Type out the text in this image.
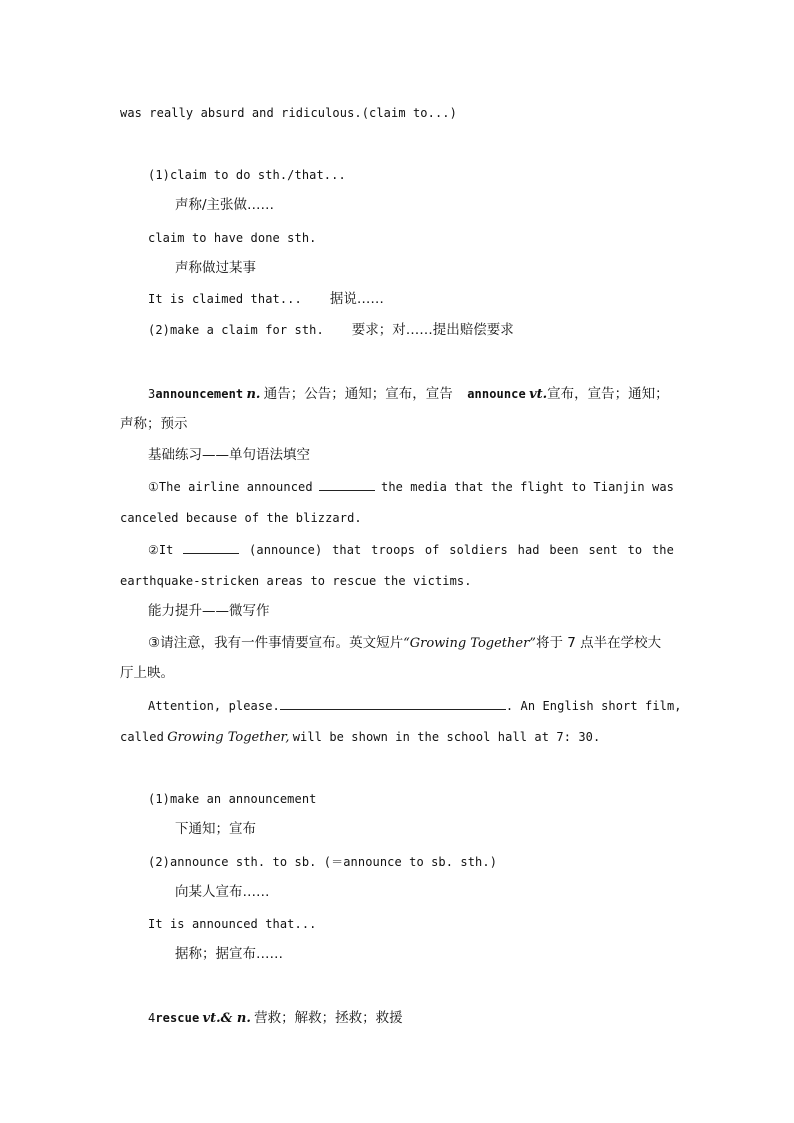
was really absurd and ridiculous.(claim to...)
(1)claim to do sth./that...
声称/主张做……
claim to have done sth.
声称做过某事
It is claimed that... 据说……
(2)make a claim for sth. 要求；对……提出赔偿要求
3announcement n. 通告；公告；通知；宣布，宣告 announce vt.宣布，宣告；通知；
声称；预示
基础练习——单句语法填空
①The airline announced	the media that the flight to Tianjin was
canceled because of the blizzard.
②It	(announce) that troops of soldiers had been sent to the
earthquake-stricken areas to rescue the victims.
能力提升——微写作
③请注意，我有一件事情要宣布。英文短片“Growing Together”将于 7 点半在学校大
厅上映。
Attention, please.	. An English short film,
called Growing Together, will be shown in the school hall at 7: 30.
(1)make an announcement
下通知；宣布
(2)announce sth. to sb. (＝announce to sb. sth.)
向某人宣布……
It is announced that...
据称；据宣布……
4rescue vt.& n. 营救；解救；拯救；救援
